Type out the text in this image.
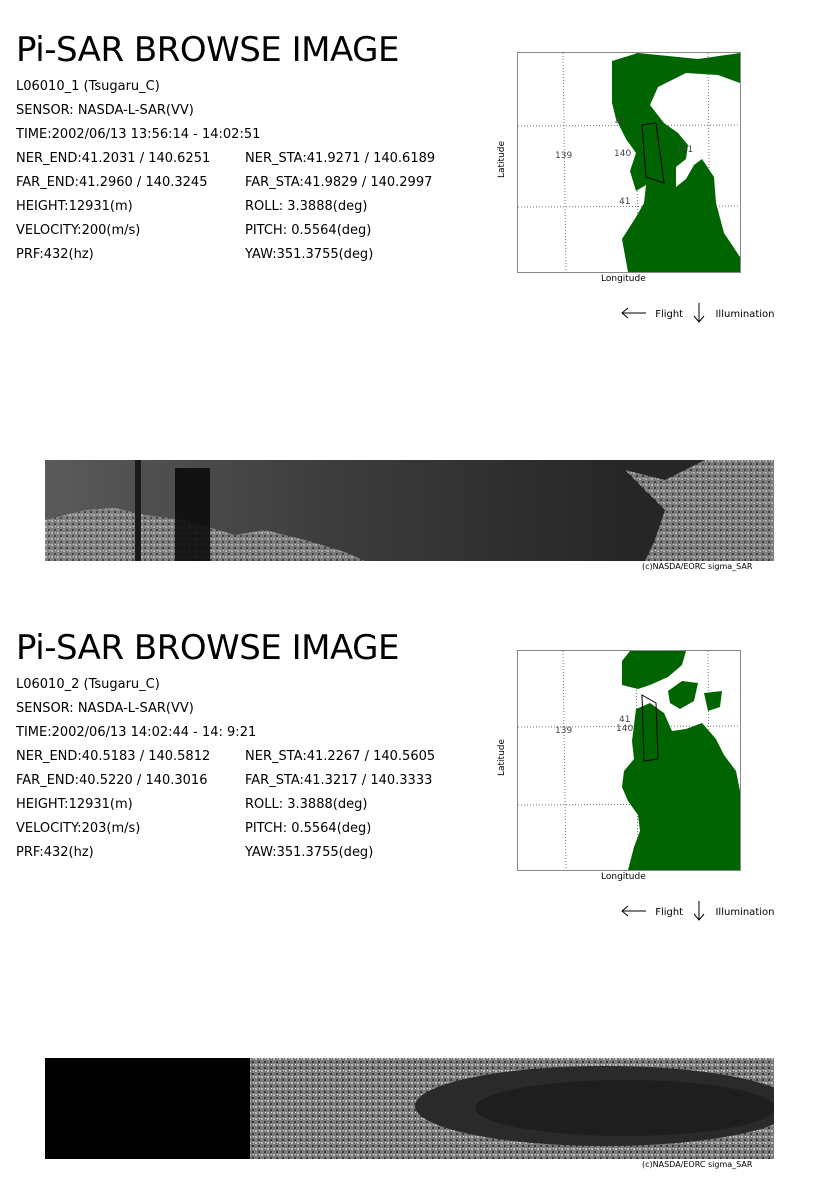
Pi-SAR BROWSE IMAGE
L06010_1 (Tsugaru_C)
SENSOR: NASDA-L-SAR(VV)
TIME:2002/06/13 13:56:14 - 14:02:51
NER_END:41.2031 / 140.6251	NER_STA:41.9271 / 140.6189
FAR_END:41.2960 / 140.3245	FAR_STA:41.9829 / 140.2997
HEIGHT:12931(m)	ROLL: 3.3888(deg)
VELOCITY:200(m/s)	PITCH: 0.5564(deg)
PRF:432(hz)	YAW:351.3755(deg)
Latitude	139	140	141
42
41
Longitude
Flight	Illumination
(c)NASDA/EORC sigma_SAR
Pi-SAR BROWSE IMAGE
L06010_2 (Tsugaru_C)
SENSOR: NASDA-L-SAR(VV)
TIME:2002/06/13 14:02:44 - 14: 9:21
NER_END:40.5183 / 140.5812	NER_STA:41.2267 / 140.5605
FAR_END:40.5220 / 140.3016	FAR_STA:41.3217 / 140.3333
HEIGHT:12931(m)	ROLL: 3.3888(deg)
VELOCITY:203(m/s)	PITCH: 0.5564(deg)
PRF:432(hz)	YAW:351.3755(deg)
Latitude
139	140
41
Longitude
Flight	Illumination
(c)NASDA/EORC sigma_SAR
